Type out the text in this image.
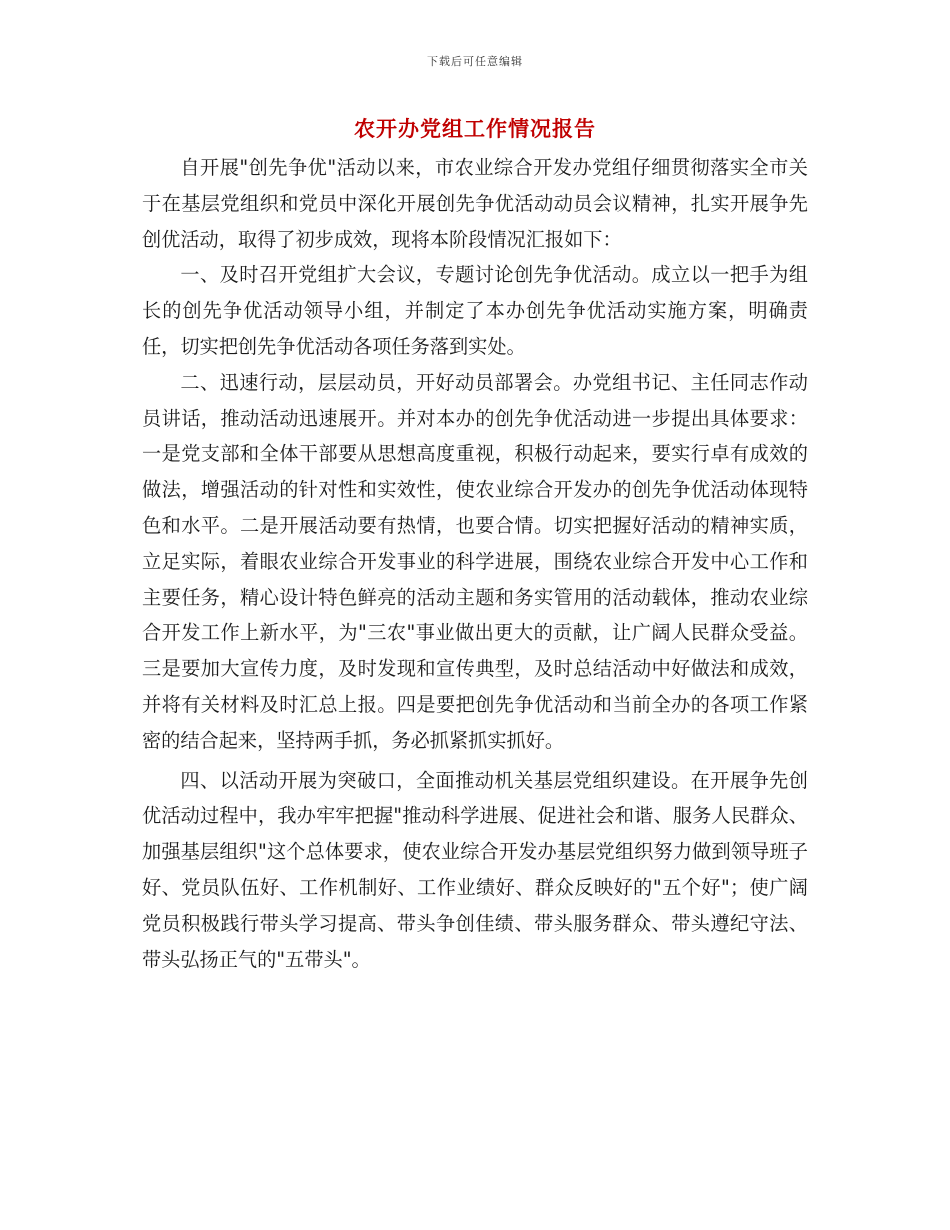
下载后可任意编辑
农开办党组工作情况报告

自开展"创先争优"活动以来，市农业综合开发办党组仔细贯彻落实全市关于在基层党组织和党员中深化开展创先争优活动动员会议精神，扎实开展争先创优活动，取得了初步成效，现将本阶段情况汇报如下：

一、及时召开党组扩大会议，专题讨论创先争优活动。成立以一把手为组长的创先争优活动领导小组，并制定了本办创先争优活动实施方案，明确责任，切实把创先争优活动各项任务落到实处。

二、迅速行动，层层动员，开好动员部署会。办党组书记、主任同志作动员讲话，推动活动迅速展开。并对本办的创先争优活动进一步提出具体要求：一是党支部和全体干部要从思想高度重视，积极行动起来，要实行卓有成效的做法，增强活动的针对性和实效性，使农业综合开发办的创先争优活动体现特色和水平。二是开展活动要有热情，也要合情。切实把握好活动的精神实质，立足实际，着眼农业综合开发事业的科学进展，围绕农业综合开发中心工作和主要任务，精心设计特色鲜亮的活动主题和务实管用的活动载体，推动农业综合开发工作上新水平，为"三农"事业做出更大的贡献，让广阔人民群众受益。三是要加大宣传力度，及时发现和宣传典型，及时总结活动中好做法和成效，并将有关材料及时汇总上报。四是要把创先争优活动和当前全办的各项工作紧密的结合起来，坚持两手抓，务必抓紧抓实抓好。

四、以活动开展为突破口，全面推动机关基层党组织建设。在开展争先创优活动过程中，我办牢牢把握"推动科学进展、促进社会和谐、服务人民群众、加强基层组织"这个总体要求，使农业综合开发办基层党组织努力做到领导班子好、党员队伍好、工作机制好、工作业绩好、群众反映好的"五个好"；使广阔党员积极践行带头学习提高、带头争创佳绩、带头服务群众、带头遵纪守法、带头弘扬正气的"五带头"。
